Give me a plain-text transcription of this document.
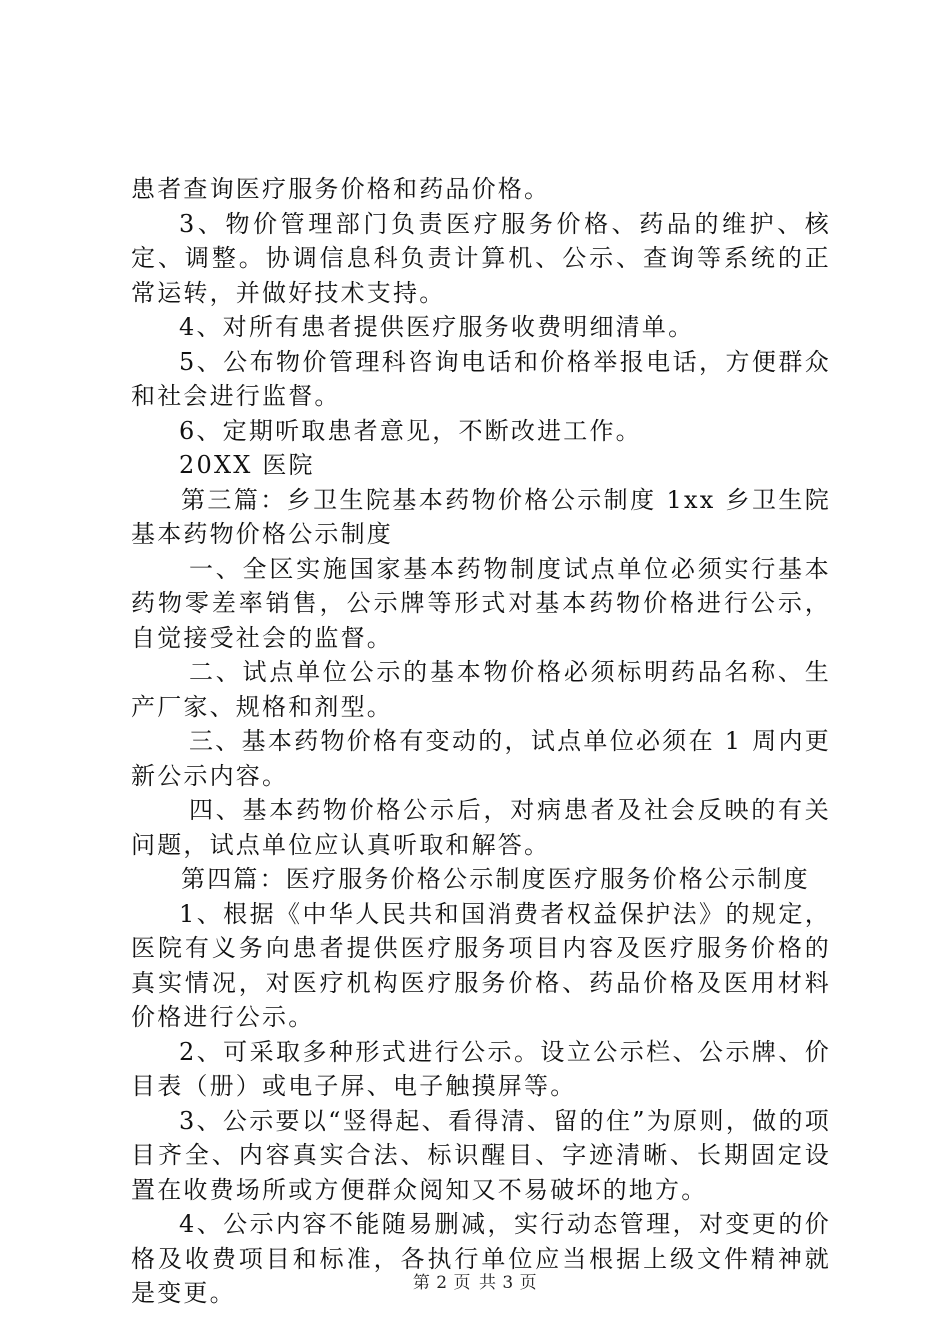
患者查询医疗服务价格和药品价格。

3、物价管理部门负责医疗服务价格、药品的维护、核定、调整。协调信息科负责计算机、公示、查询等系统的正常运转，并做好技术支持。

4、对所有患者提供医疗服务收费明细清单。

5、公布物价管理科咨询电话和价格举报电话，方便群众和社会进行监督。

6、定期听取患者意见，不断改进工作。

20XX 医院

第三篇：乡卫生院基本药物价格公示制度 1xx 乡卫生院基本药物价格公示制度

一、全区实施国家基本药物制度试点单位必须实行基本药物零差率销售，公示牌等形式对基本药物价格进行公示，自觉接受社会的监督。

二、试点单位公示的基本物价格必须标明药品名称、生产厂家、规格和剂型。

三、基本药物价格有变动的，试点单位必须在 1 周内更新公示内容。

四、基本药物价格公示后，对病患者及社会反映的有关问题，试点单位应认真听取和解答。

第四篇：医疗服务价格公示制度医疗服务价格公示制度

1、根据《中华人民共和国消费者权益保护法》的规定，医院有义务向患者提供医疗服务项目内容及医疗服务价格的真实情况，对医疗机构医疗服务价格、药品价格及医用材料价格进行公示。

2、可采取多种形式进行公示。设立公示栏、公示牌、价目表（册）或电子屏、电子触摸屏等。

3、公示要以“竖得起、看得清、留的住”为原则，做的项目齐全、内容真实合法、标识醒目、字迹清晰、长期固定设置在收费场所或方便群众阅知又不易破坏的地方。

4、公示内容不能随易删减，实行动态管理，对变更的价格及收费项目和标准，各执行单位应当根据上级文件精神就是变更。	第 2 页 共 3 页
